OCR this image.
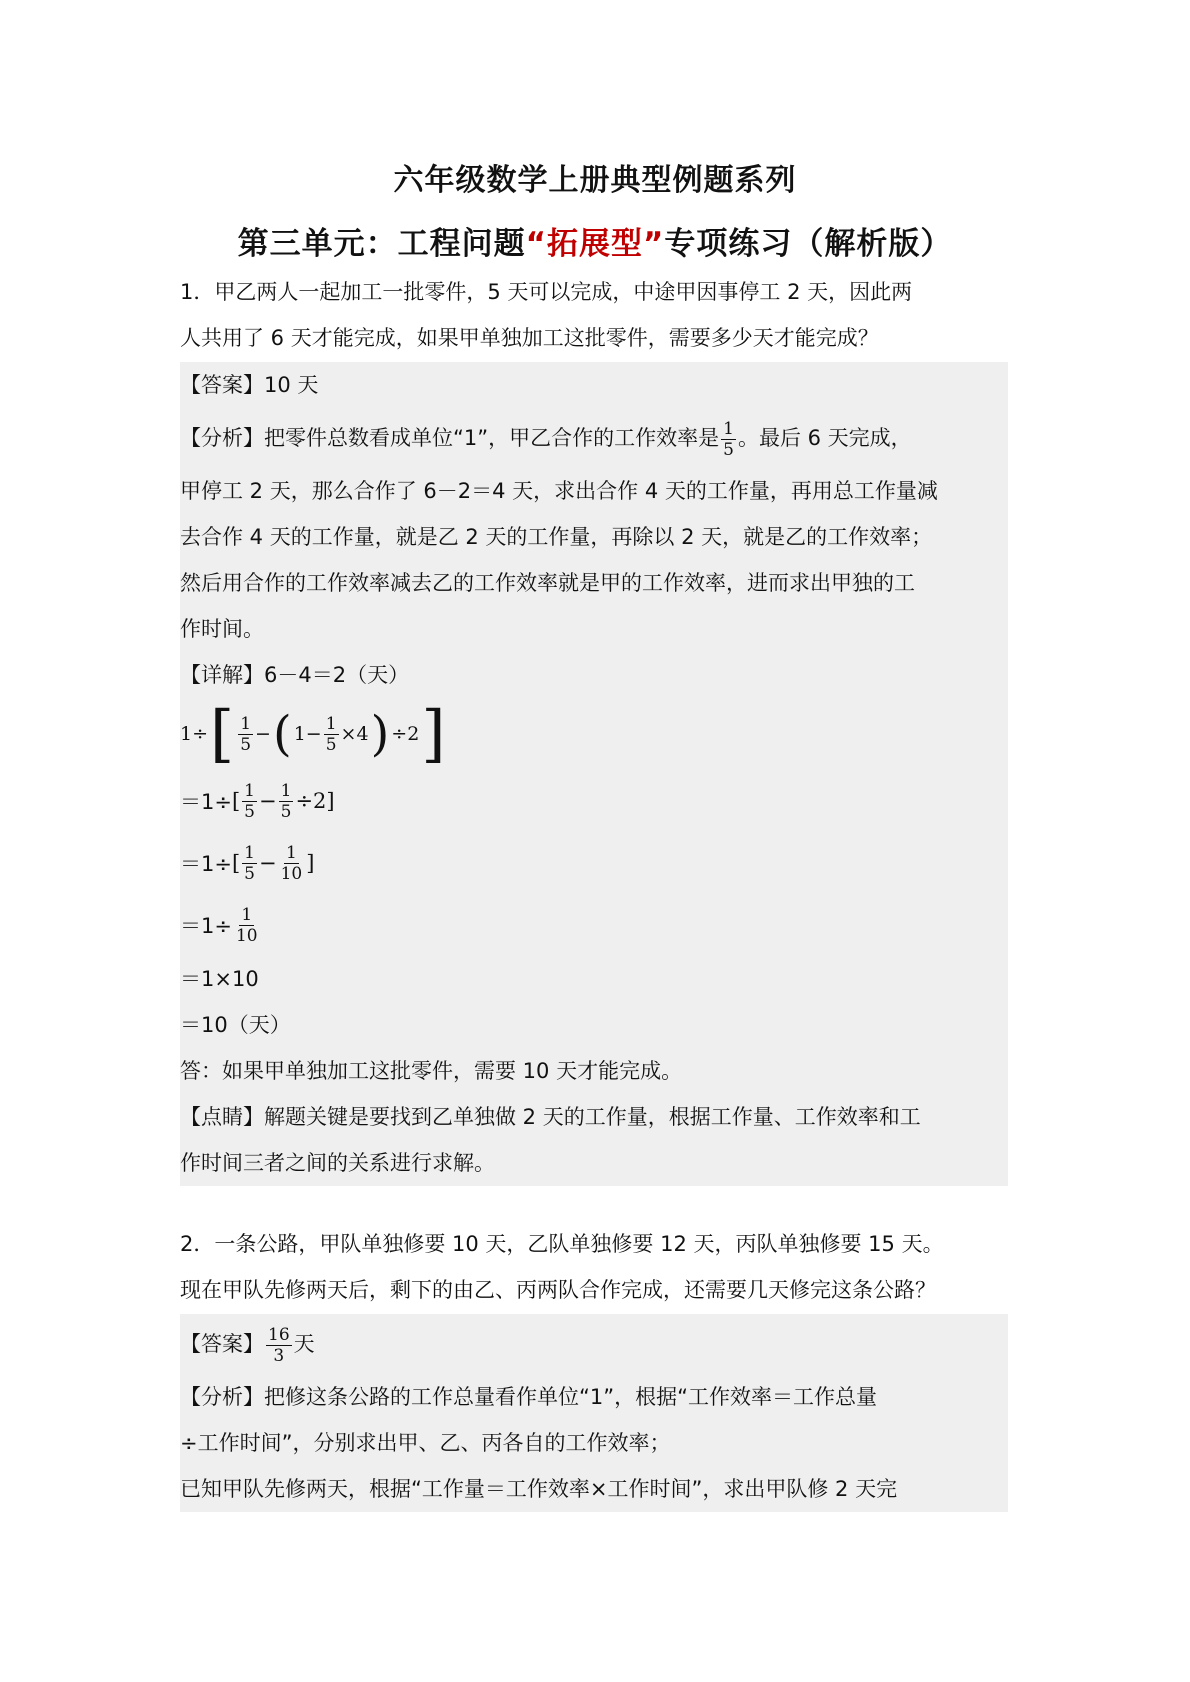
六年级数学上册典型例题系列
第三单元：工程问题“拓展型”专项练习（解析版）
1．甲乙两人一起加工一批零件，5 天可以完成，中途甲因事停工 2 天，因此两
人共用了 6 天才能完成，如果甲单独加工这批零件，需要多少天才能完成？
【答案】10 天
【分析】把零件总数看成单位“1”，甲乙合作的工作效率是 $\frac{1}{5}$ 。最后 6 天完成，
甲停工 2 天，那么合作了 6－2＝4 天，求出合作 4 天的工作量，再用总工作量减
去合作 4 天的工作量，就是乙 2 天的工作量，再除以 2 天，就是乙的工作效率；
然后用合作的工作效率减去乙的工作效率就是甲的工作效率，进而求出甲独的工
作时间。
【详解】6－4＝2（天）
1÷ [ $\frac{1}{5}$ − ( $1- \frac{1}{5} \times 4$ ) ÷2 ]
＝1÷ [ $\frac{1}{5} - \frac{1}{5} \div 2$]
＝1÷ [ $\frac{1}{5} - \frac{1}{10}$ ]
$=1\div \frac{1}{10}$
＝1×10
＝10（天）
答：如果甲单独加工这批零件，需要 10 天才能完成。
【点睛】解题关键是要找到乙单独做 2 天的工作量，根据工作量、工作效率和工
作时间三者之间的关系进行求解。
2．一条公路，甲队单独修要 10 天，乙队单独修要 12 天，丙队单独修要 15 天。
现在甲队先修两天后，剩下的由乙、丙两队合作完成，还需要几天修完这条公路？
【答案】 $\frac{16}{3}$ 天
【分析】把修这条公路的工作总量看作单位“1”，根据“工作效率＝工作总量
÷工作时间”，分别求出甲、乙、丙各自的工作效率；
已知甲队先修两天，根据“工作量＝工作效率×工作时间”，求出甲队修 2 天完
